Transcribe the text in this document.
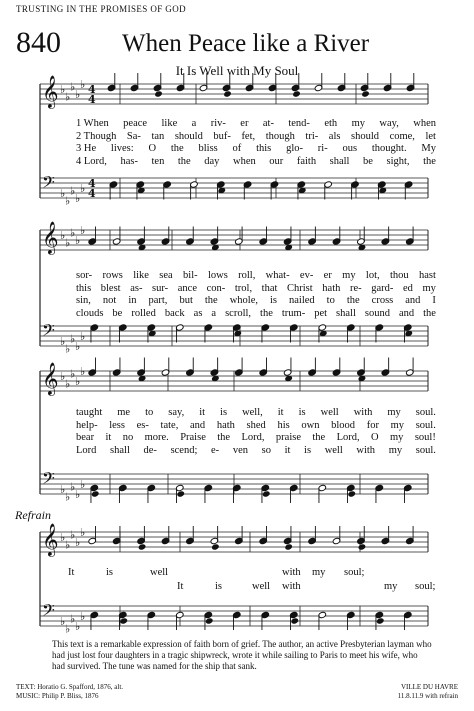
𝄞 ♭
♭
♭
♭
♭ 4
4
𝄢 ♭
♭
♭
♭
♭ 4
4
𝄞 ♭
♭
♭
♭
♭
𝄢 ♭
♭
♭
♭
♭
𝄞 ♭
♭
♭
♭
♭
𝄢 ♭
♭
♭
♭
♭
𝄞 ♭
♭
♭
♭
♭
𝄢 ♭
♭
♭
♭
♭
TRUSTING IN THE PROMISES OF GOD
840 When Peace like a River
It Is Well with My Soul
1 When peace like a riv- er at- tend- eth my way, when
2 Though Sa- tan should buf- fet, though tri- als should come, let
3 He lives: O the bliss of this glo- ri- ous thought. My
4 Lord, has- ten the day when our faith shall be sight, the
sor- rows like sea bil- lows roll, what- ev- er my lot, thou hast
this blest as- sur- ance con- trol, that Christ hath re- gard- ed my
sin, not in part, but the whole, is nailed to the cross and I
clouds be rolled back as a scroll, the trum- pet shall sound and the
taught me to say, it is well, it is well with my soul.
help- less es- tate, and hath shed his own blood for my soul.
bear it no more. Praise the Lord, praise the Lord, O my soul!
Lord shall de- scend; e- ven so it is well with my soul.
Refrain
It	is	well	with my soul;
It	is	well with	my soul;
This text is a remarkable expression of faith born of grief. The author, an active Presbyterian layman who had just lost four daughters in a tragic shipwreck, wrote it while sailing to Paris to meet his wife, who had survived. The tune was named for the ship that sank.
TEXT: Horatio G. Spafford, 1876, alt.
MUSIC: Philip P. Bliss, 1876
VILLE DU HAVRE
11.8.11.9 with refrain
